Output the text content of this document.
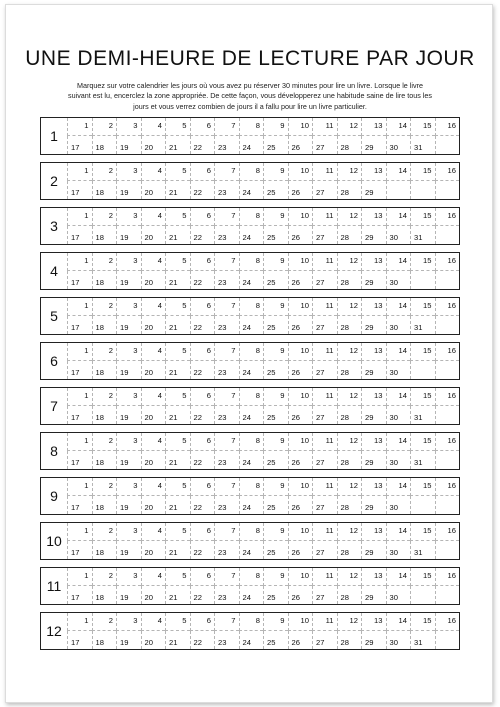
UNE DEMI-HEURE DE LECTURE PAR JOUR
Marquez sur votre calendrier les jours où vous avez pu réserver 30 minutes pour lire un livre. Lorsque le livre suivant est lu, encerclez la zone appropriée. De cette façon, vous développerez une habitude saine de lire tous les jours et vous verrez combien de jours il a fallu pour lire un livre particulier.
1
1	2	3	4	5	6	7	8	9	10	11	12	13	14	15	16
17	18	19	20	21	22	23	24	25	26	27	28	29	30	31
2
1	2	3	4	5	6	7	8	9	10	11	12	13	14	15	16
17	18	19	20	21	22	23	24	25	26	27	28	29
3
1	2	3	4	5	6	7	8	9	10	11	12	13	14	15	16
17	18	19	20	21	22	23	24	25	26	27	28	29	30	31
4
1	2	3	4	5	6	7	8	9	10	11	12	13	14	15	16
17	18	19	20	21	22	23	24	25	26	27	28	29	30
5
1	2	3	4	5	6	7	8	9	10	11	12	13	14	15	16
17	18	19	20	21	22	23	24	25	26	27	28	29	30	31
6
1	2	3	4	5	6	7	8	9	10	11	12	13	14	15	16
17	18	19	20	21	22	23	24	25	26	27	28	29	30
7
1	2	3	4	5	6	7	8	9	10	11	12	13	14	15	16
17	18	19	20	21	22	23	24	25	26	27	28	29	30	31
8
1	2	3	4	5	6	7	8	9	10	11	12	13	14	15	16
17	18	19	20	21	22	23	24	25	26	27	28	29	30	31
9
1	2	3	4	5	6	7	8	9	10	11	12	13	14	15	16
17	18	19	20	21	22	23	24	25	26	27	28	29	30
10
1	2	3	4	5	6	7	8	9	10	11	12	13	14	15	16
17	18	19	20	21	22	23	24	25	26	27	28	29	30	31
11
1	2	3	4	5	6	7	8	9	10	11	12	13	14	15	16
17	18	19	20	21	22	23	24	25	26	27	28	29	30
12
1	2	3	4	5	6	7	8	9	10	11	12	13	14	15	16
17	18	19	20	21	22	23	24	25	26	27	28	29	30	31
